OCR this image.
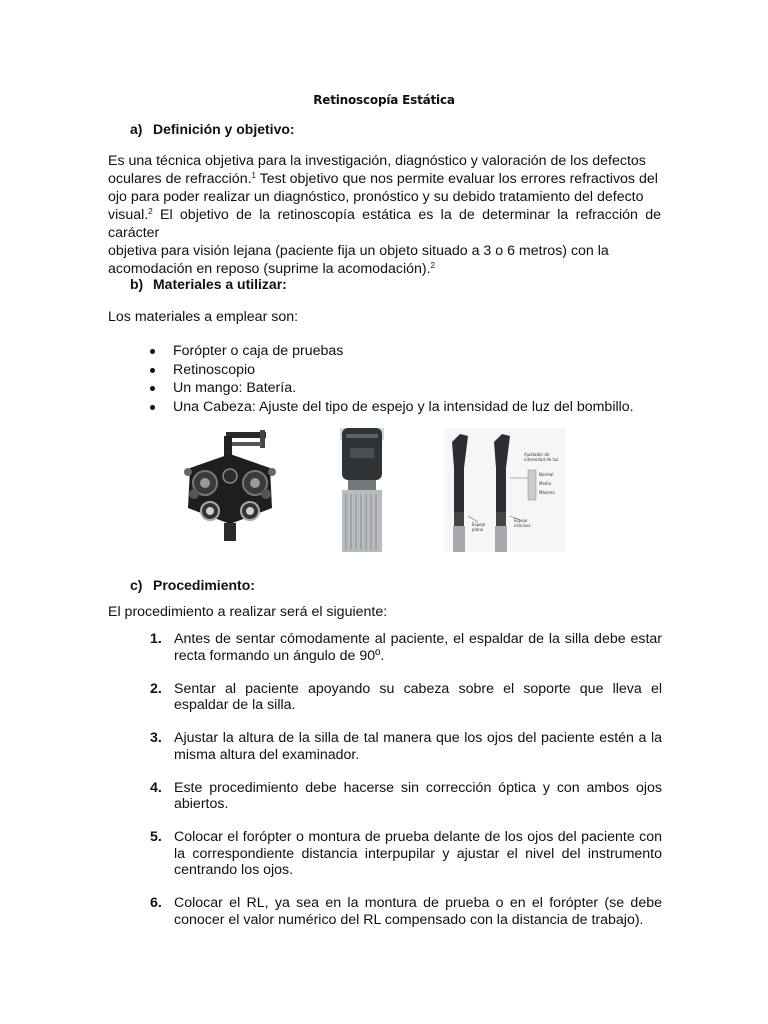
Retinoscopía Estática
a) Definición y objetivo:
Es una técnica objetiva para la investigación, diagnóstico y valoración de los defectos
oculares de refracción.$^1$ Test objetivo que nos permite evaluar los errores refractivos del
ojo para poder realizar un diagnóstico, pronóstico y su debido tratamiento del defecto
visual.$^2$ El objetivo de la retinoscopía estática es la de determinar la refracción de carácter
objetiva para visión lejana (paciente fija un objeto situado a 3 o 6 metros) con la
acomodación en reposo (suprime la acomodación).$^2$
b) Materiales a utilizar:
Los materiales a emplear son:
Forópter o caja de pruebas
Retinoscopio
Un mango: Batería.
Una Cabeza: Ajuste del tipo de espejo y la intensidad de luz del bombillo.
Ajustador de
intensidad de luz
Normal
Media
Máxima
Espejo
plano
Espejo
cóncavo
c) Procedimiento:
El procedimiento a realizar será el siguiente:
1. Antes de sentar cómodamente al paciente, el espaldar de la silla debe estar recta formando un ángulo de 90º.
2. Sentar al paciente apoyando su cabeza sobre el soporte que lleva el espaldar de la silla.
3. Ajustar la altura de la silla de tal manera que los ojos del paciente estén a la misma altura del examinador.
4. Este procedimiento debe hacerse sin corrección óptica y con ambos ojos abiertos.
5. Colocar el forópter o montura de prueba delante de los ojos del paciente con la correspondiente distancia interpupilar y ajustar el nivel del instrumento centrando los ojos.
6. Colocar el RL, ya sea en la montura de prueba o en el forópter (se debe conocer el valor numérico del RL compensado con la distancia de trabajo).
